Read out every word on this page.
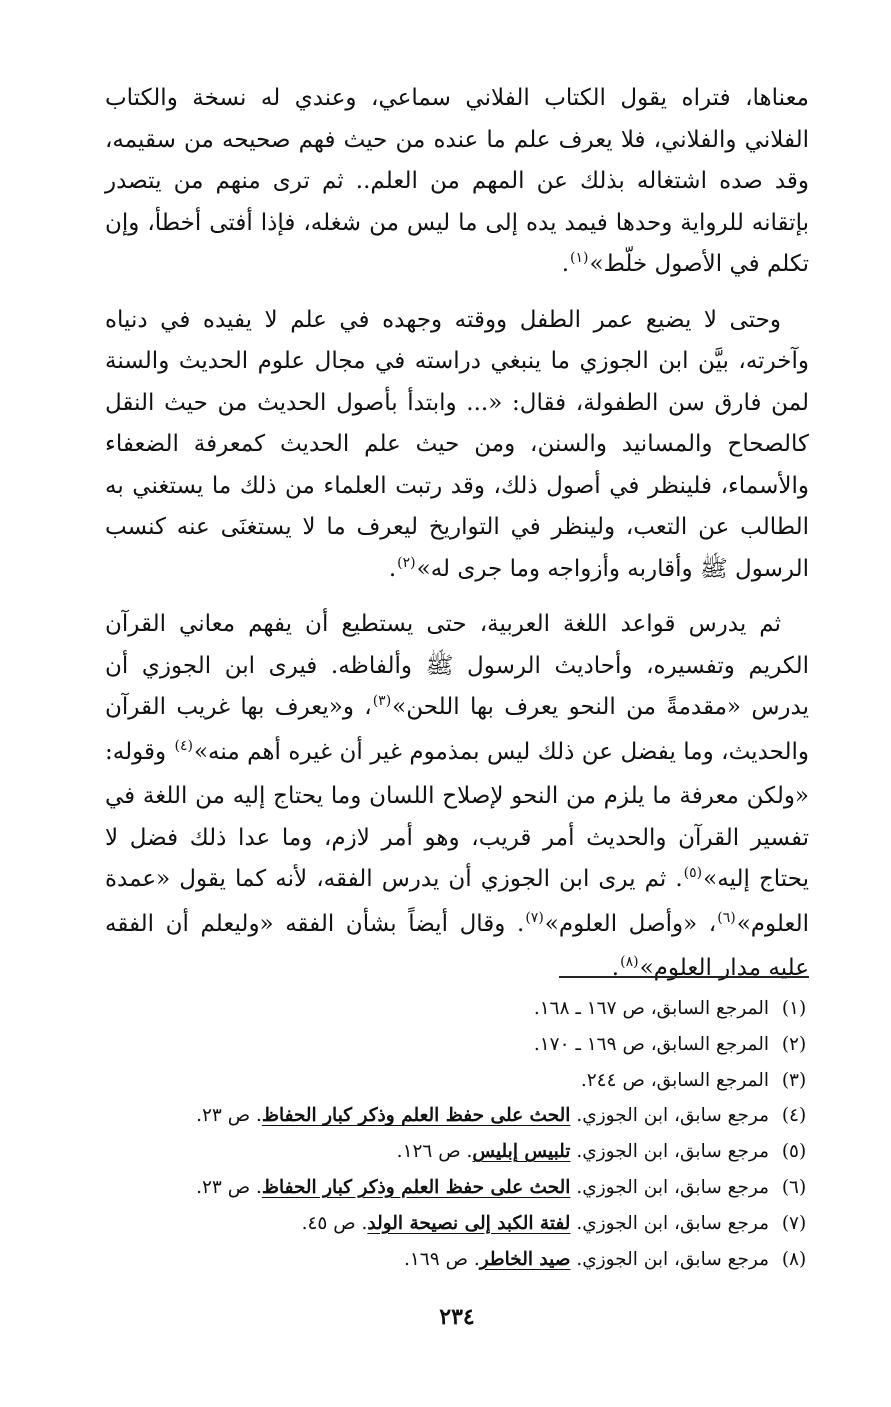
معناها، فتراه يقول الكتاب الفلاني سماعي، وعندي له نسخة والكتاب الفلاني والفلاني، فلا يعرف علم ما عنده من حيث فهم صحيحه من سقيمه، وقد صده اشتغاله بذلك عن المهم من العلم.. ثم ترى منهم من يتصدر بإتقانه للرواية وحدها فيمد يده إلى ما ليس من شغله، فإذا أفتى أخطأ، وإن تكلم في الأصول خلّط»$^{(١)}$.

وحتى لا يضيع عمر الطفل ووقته وجهده في علم لا يفيده في دنياه وآخرته، بيَّن ابن الجوزي ما ينبغي دراسته في مجال علوم الحديث والسنة لمن فارق سن الطفولة، فقال: «... وابتدأ بأصول الحديث من حيث النقل كالصحاح والمسانيد والسنن، ومن حيث علم الحديث كمعرفة الضعفاء والأسماء، فلينظر في أصول ذلك، وقد رتبت العلماء من ذلك ما يستغني به الطالب عن التعب، ولينظر في التواريخ ليعرف ما لا يستغنَى عنه كنسب الرسول ﷺ وأقاربه وأزواجه وما جرى له»$^{(٢)}$.

ثم يدرس قواعد اللغة العربية، حتى يستطيع أن يفهم معاني القرآن الكريم وتفسيره، وأحاديث الرسول ﷺ وألفاظه. فيرى ابن الجوزي أن يدرس «مقدمةً من النحو يعرف بها اللحن»$^{(٣)}$، و«يعرف بها غريب القرآن والحديث، وما يفضل عن ذلك ليس بمذموم غير أن غيره أهم منه»$^{(٤)}$ وقوله: «ولكن معرفة ما يلزم من النحو لإصلاح اللسان وما يحتاج إليه من اللغة في تفسير القرآن والحديث أمر قريب، وهو أمر لازم، وما عدا ذلك فضل لا يحتاج إليه»$^{(٥)}$. ثم يرى ابن الجوزي أن يدرس الفقه، لأنه كما يقول «عمدة العلوم»$^{(٦)}$، «وأصل العلوم»$^{(٧)}$. وقال أيضاً بشأن الفقه «وليعلم أن الفقه عليه مدار العلوم»$^{(٨)}$.

(١)
المرجع السابق، ص ١٦٧ ـ ١٦٨.
(٢)
المرجع السابق، ص ١٦٩ ـ ١٧٠.
(٣)
المرجع السابق، ص ٢٤٤.
(٤)
مرجع سابق، ابن الجوزي. الحث على حفظ العلم وذكر كبار الحفاظ. ص ٢٣.
(٥)
مرجع سابق، ابن الجوزي. تلبيس إبليس. ص ١٢٦.
(٦)
مرجع سابق، ابن الجوزي. الحث على حفظ العلم وذكر كبار الحفاظ. ص ٢٣.
(٧)
مرجع سابق، ابن الجوزي. لفتة الكبد إلى نصيحة الولد. ص ٤٥.
(٨)
مرجع سابق، ابن الجوزي. صيد الخاطر. ص ١٦٩.
٢٣٤
